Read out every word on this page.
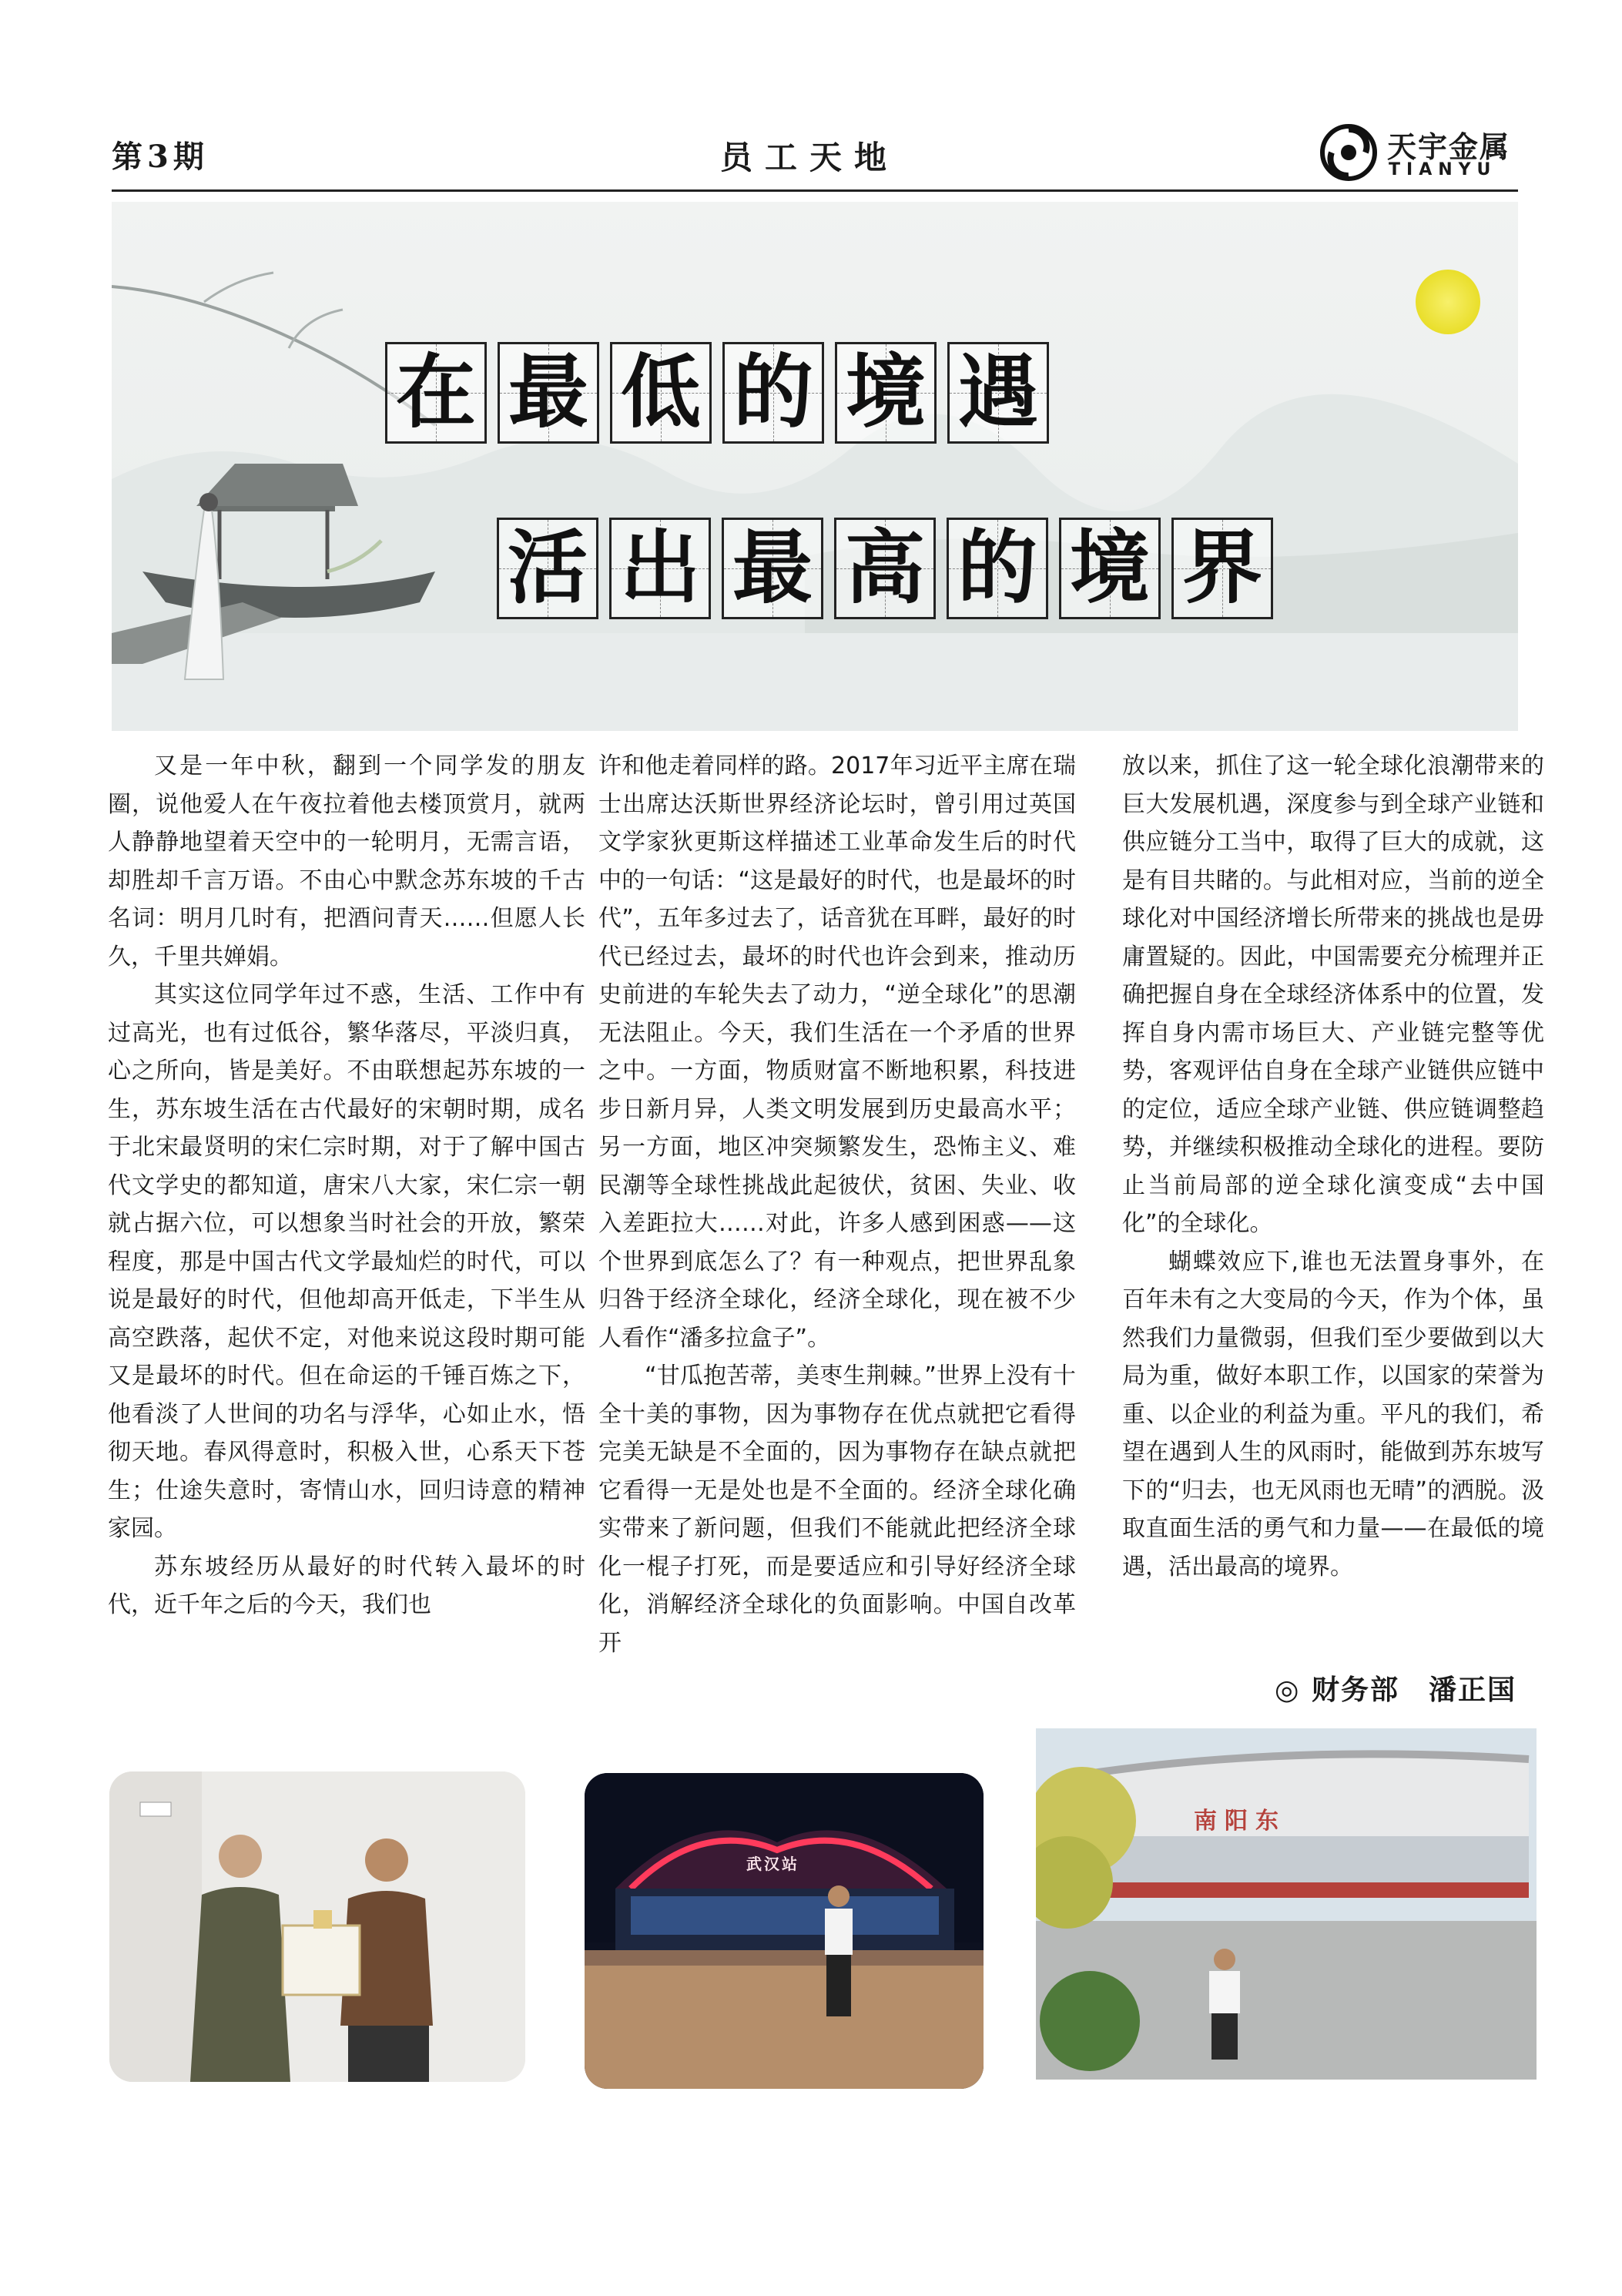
第3期	员工天地	天宇金属
TIANYU
在 最 低 的 境 遇
活 出 最 高 的 境 界

又是一年中秋，翻到一个同学发的朋友圈，说他爱人在午夜拉着他去楼顶赏月，就两人静静地望着天空中的一轮明月，无需言语，却胜却千言万语。不由心中默念苏东坡的千古名词：明月几时有，把酒问青天……但愿人长久，千里共婵娟。

其实这位同学年过不惑，生活、工作中有过高光，也有过低谷，繁华落尽，平淡归真，心之所向，皆是美好。不由联想起苏东坡的一生，苏东坡生活在古代最好的宋朝时期，成名于北宋最贤明的宋仁宗时期，对于了解中国古代文学史的都知道，唐宋八大家，宋仁宗一朝就占据六位，可以想象当时社会的开放，繁荣程度，那是中国古代文学最灿烂的时代，可以说是最好的时代，但他却高开低走，下半生从高空跌落，起伏不定，对他来说这段时期可能又是最坏的时代。但在命运的千锤百炼之下，他看淡了人世间的功名与浮华，心如止水，悟彻天地。春风得意时，积极入世，心系天下苍生；仕途失意时，寄情山水，回归诗意的精神家园。

苏东坡经历从最好的时代转入最坏的时代，近千年之后的今天，我们也

许和他走着同样的路。2017年习近平主席在瑞士出席达沃斯世界经济论坛时，曾引用过英国文学家狄更斯这样描述工业革命发生后的时代中的一句话：“这是最好的时代，也是最坏的时代”，五年多过去了，话音犹在耳畔，最好的时代已经过去，最坏的时代也许会到来，推动历史前进的车轮失去了动力，“逆全球化”的思潮无法阻止。今天，我们生活在一个矛盾的世界之中。一方面，物质财富不断地积累，科技进步日新月异，人类文明发展到历史最高水平；另一方面，地区冲突频繁发生，恐怖主义、难民潮等全球性挑战此起彼伏，贫困、失业、收入差距拉大……对此，许多人感到困惑——这个世界到底怎么了？有一种观点，把世界乱象归咎于经济全球化，经济全球化，现在被不少人看作“潘多拉盒子”。

“甘瓜抱苦蒂，美枣生荆棘。”世界上没有十全十美的事物，因为事物存在优点就把它看得完美无缺是不全面的，因为事物存在缺点就把它看得一无是处也是不全面的。经济全球化确实带来了新问题，但我们不能就此把经济全球化一棍子打死，而是要适应和引导好经济全球化，消解经济全球化的负面影响。中国自改革开

放以来，抓住了这一轮全球化浪潮带来的巨大发展机遇，深度参与到全球产业链和供应链分工当中，取得了巨大的成就，这是有目共睹的。与此相对应，当前的逆全球化对中国经济增长所带来的挑战也是毋庸置疑的。因此，中国需要充分梳理并正确把握自身在全球经济体系中的位置，发挥自身内需市场巨大、产业链完整等优势，客观评估自身在全球产业链供应链中的定位，适应全球产业链、供应链调整趋势，并继续积极推动全球化的进程。要防止当前局部的逆全球化演变成“去中国化”的全球化。

蝴蝶效应下,谁也无法置身事外，在百年未有之大变局的今天，作为个体，虽然我们力量微弱，但我们至少要做到以大局为重，做好本职工作，以国家的荣誉为重、以企业的利益为重。平凡的我们，希望在遇到人生的风雨时，能做到苏东坡写下的“归去，也无风雨也无晴”的洒脱。汲取直面生活的勇气和力量——在最低的境遇，活出最高的境界。

◎ 财务部　潘正国
武汉站
南阳东
